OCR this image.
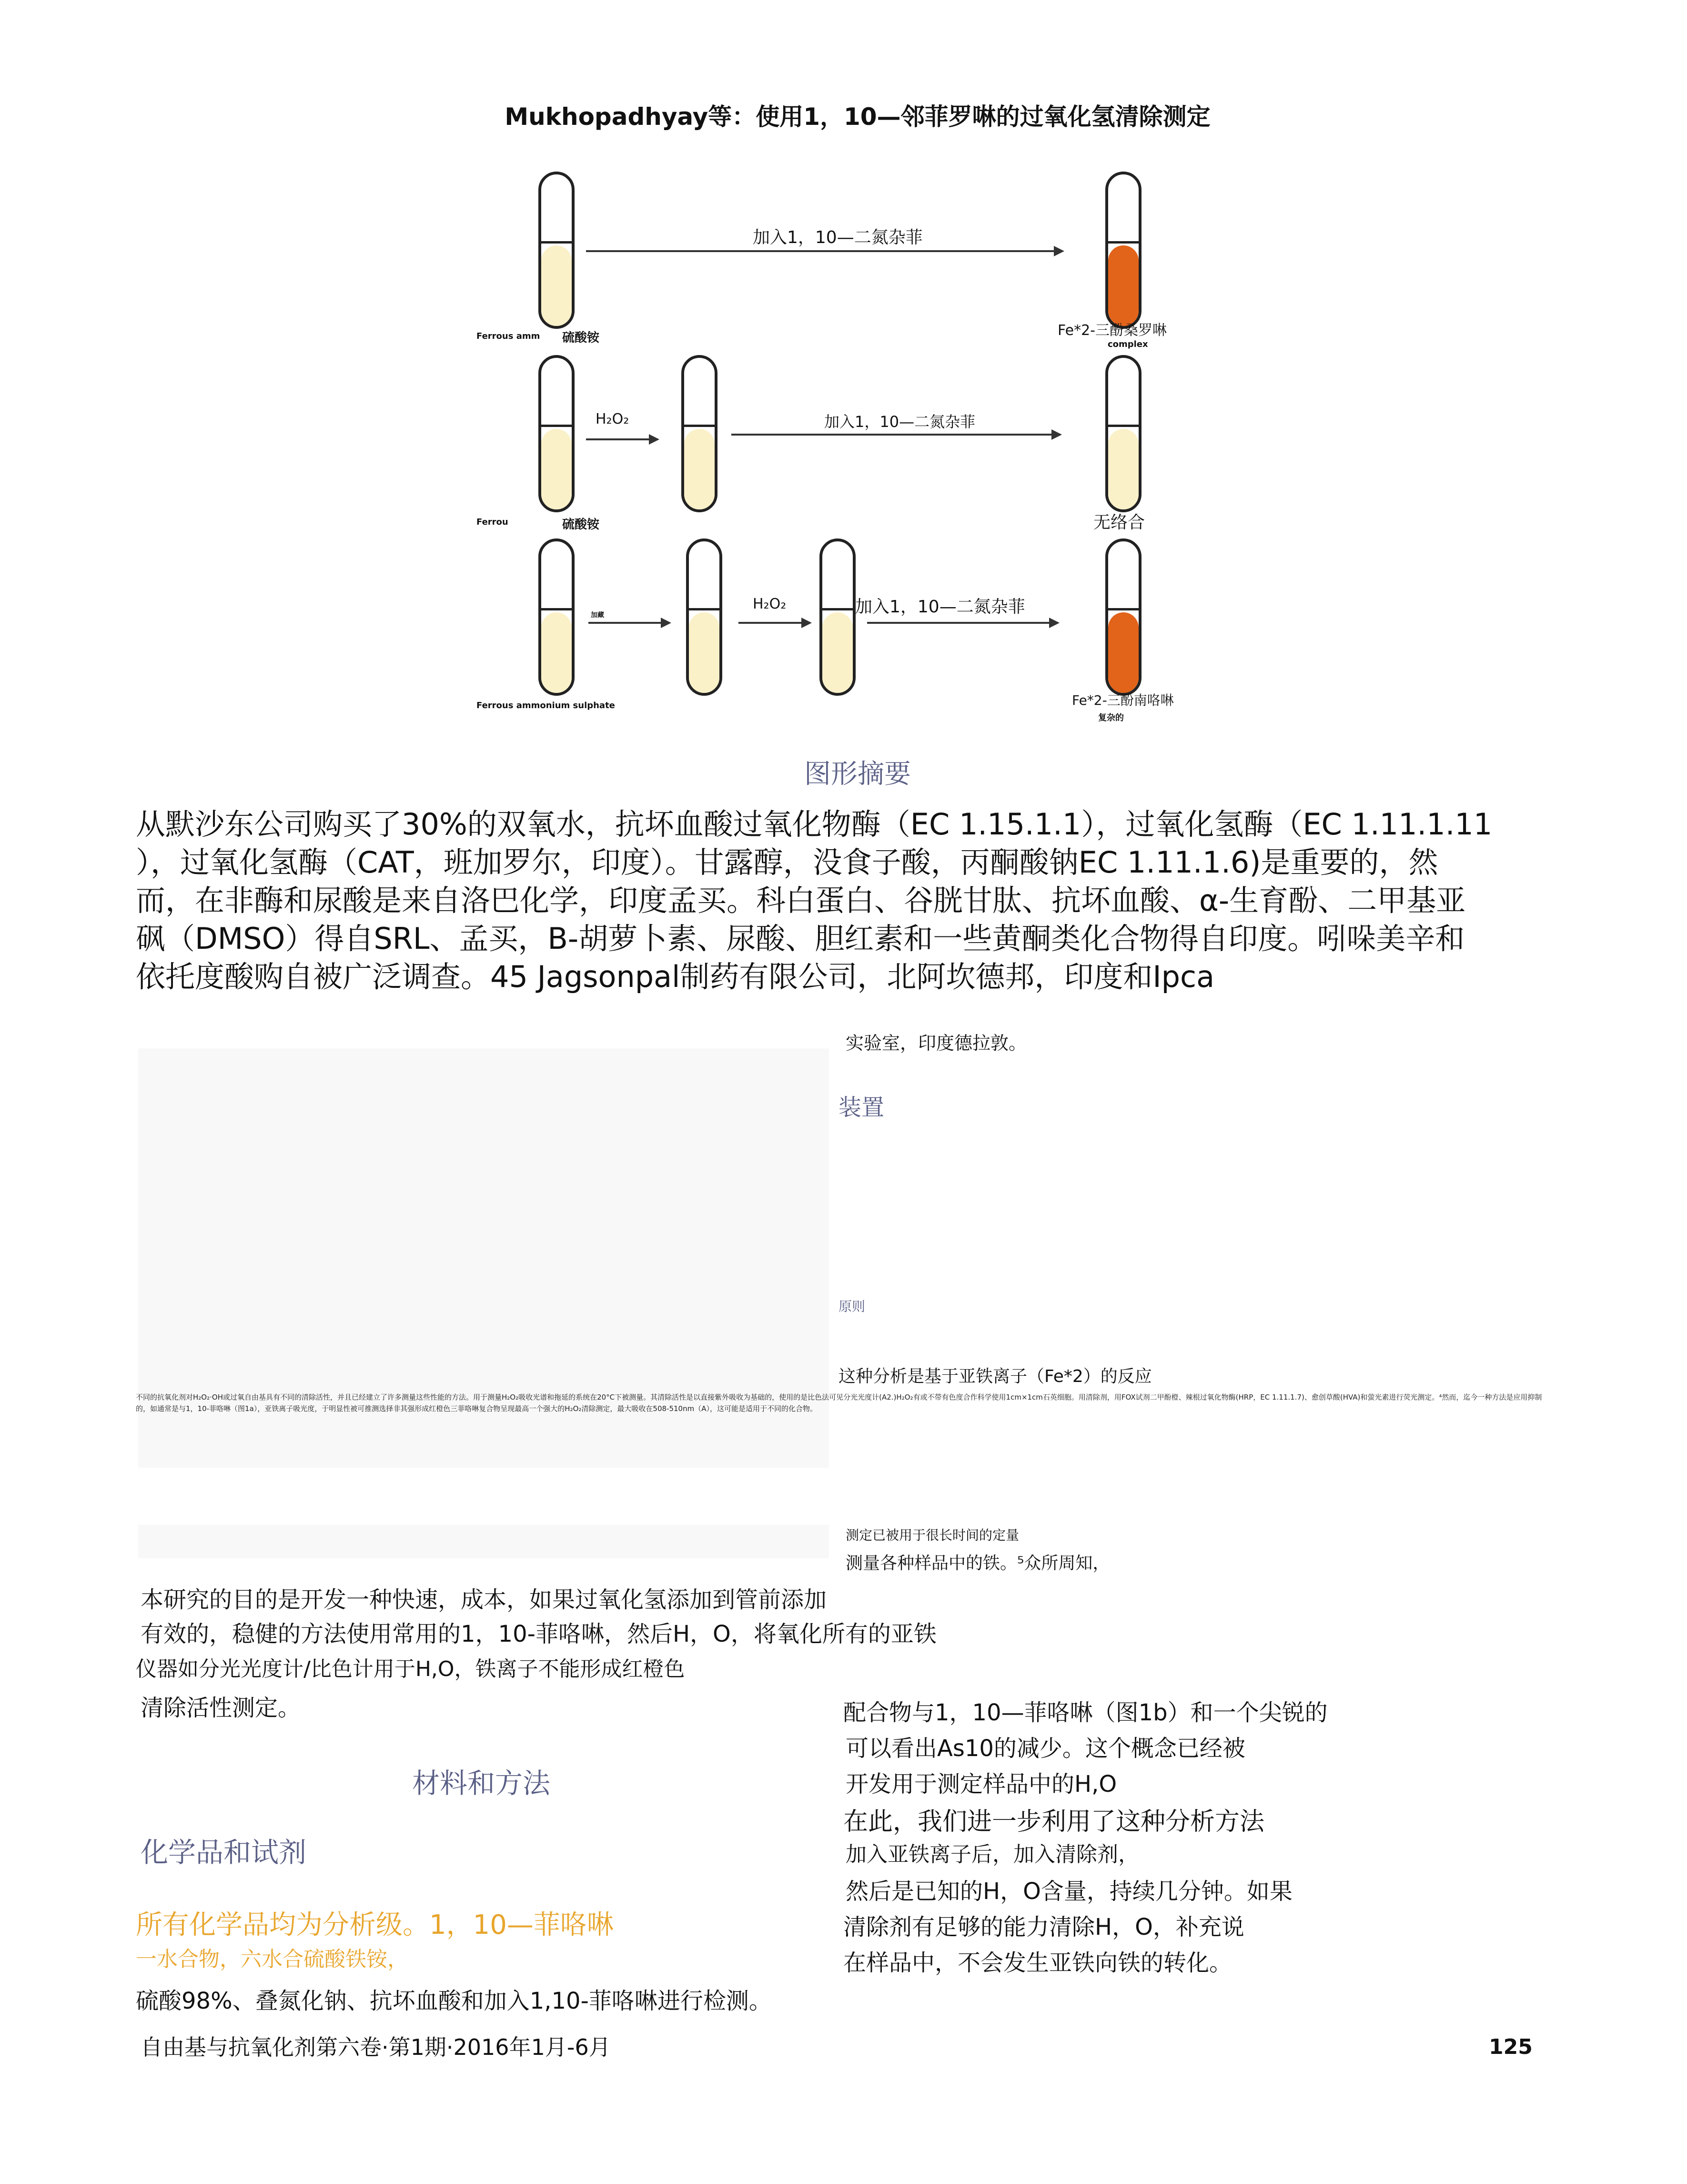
Mukhopadhyay等：使用1，10—邻菲罗啉的过氧化氢清除测定
加入1，10—二氮杂菲
Ferrous amm 硫酸铵	Fe*2-三酚桑罗啉
complex
H₂O₂	加入1，10—二氮杂菲
Ferrou	硫酸铵	无络合
加藏
H₂O₂	加入1，10—二氮杂菲
Ferrous ammonium sulphate	Fe*2-三酚南咯啉
复杂的
图形摘要
从默沙东公司购买了30%的双氧水，抗坏血酸过氧化物酶（EC 1.15.1.1），过氧化氢酶（EC 1.11.1.11
），过氧化氢酶（CAT，班加罗尔，印度）。甘露醇，没食子酸，丙酮酸钠EC 1.11.1.6)是重要的，然
而，在非酶和尿酸是来自洛巴化学，印度孟买。科白蛋白、谷胱甘肽、抗坏血酸、α-生育酚、二甲基亚
砜（DMSO）得自SRL、孟买，B-胡萝卜素、尿酸、胆红素和一些黄酮类化合物得自印度。吲哚美辛和
依托度酸购自被广泛调查。45 Jagsonpal制药有限公司，北阿坎德邦，印度和Ipca
实验室，印度德拉敦。
装置
原则
这种分析是基于亚铁离子（Fe*2）的反应
不同的抗氧化剂对H₂O₂·OH或过氧自由基具有不同的清除活性，并且已经建立了许多测量这些性能的方法。用于测量H₂O₂吸收光谱和拖延的系统在20°C下被测量。其清除活性是以直接紫外吸收为基础的，使用的是比色法可见分光光度计(A2.)H₂O₂有或不带有色度合作科学使用1cm×1cm石英细胞。用清除剂，用FOX试剂二甲酚橙、辣根过氧化物酶(HRP，EC 1.11.1.7)、愈创草酸(HVA)和萤光素进行荧光测定。⁴然而，迄今一种方法是应用抑制的，如通常是与1，10-菲咯啉（图1a），亚铁离子吸光度，于明显性被可推测选择非其强形成红橙色三菲咯啉复合物呈现最高一个强大的H₂O₂清除测定，最大吸收在508-510nm（A），这可能是适用于不同的化合物。
测定已被用于很长时间的定量
测量各种样品中的铁。⁵众所周知，
本研究的目的是开发一种快速，成本，如果过氧化氢添加到管前添加
有效的，稳健的方法使用常用的1，10-菲咯啉，然后H，O，将氧化所有的亚铁
仪器如分光光度计/比色计用于H,O，铁离子不能形成红橙色
清除活性测定。
材料和方法
化学品和试剂
所有化学品均为分析级。1，10—菲咯啉
一水合物，六水合硫酸铁铵，
硫酸98%、叠氮化钠、抗坏血酸和加入1,10-菲咯啉进行检测。
配合物与1，10—菲咯啉（图1b）和一个尖锐的
可以看出As10的减少。这个概念已经被
开发用于测定样品中的H,O
在此，我们进一步利用了这种分析方法
加入亚铁离子后，加入清除剂，
然后是已知的H，O含量，持续几分钟。如果
清除剂有足够的能力清除H，O，补充说
在样品中，不会发生亚铁向铁的转化。
自由基与抗氧化剂第六卷·第1期·2016年1月-6月	125
